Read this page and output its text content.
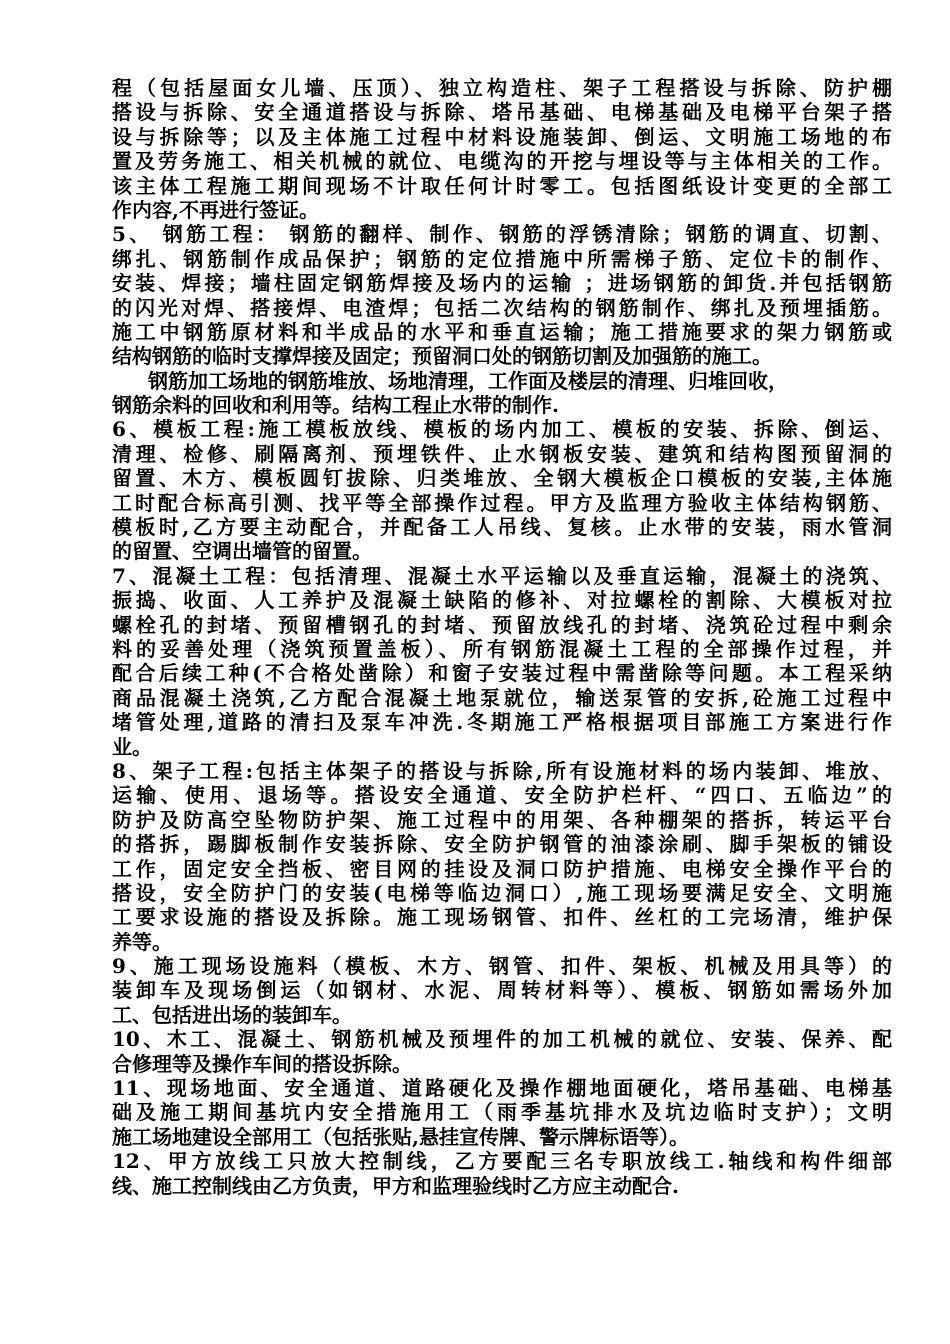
程（包括屋面女儿墙、压顶）、独立构造柱、架子工程搭设与拆除、防护棚
搭设与拆除、安全通道搭设与拆除、塔吊基础、电梯基础及电梯平台架子搭
设与拆除等；以及主体施工过程中材料设施装卸、倒运、文明施工场地的布
置及劳务施工、相关机械的就位、电缆沟的开挖与埋设等与主体相关的工作。
该主体工程施工期间现场不计取任何计时零工。包括图纸设计变更的全部工
作内容,不再进行签证。
5、 钢筋工程： 钢筋的翻样、制作、钢筋的浮锈清除；钢筋的调直、切割、
绑扎、钢筋制作成品保护；钢筋的定位措施中所需梯子筋、定位卡的制作、
安装、焊接；墙柱固定钢筋焊接及场内的运输 ；进场钢筋的卸货.并包括钢筋
的闪光对焊、搭接焊、电渣焊；包括二次结构的钢筋制作、绑扎及预埋插筋。
施工中钢筋原材料和半成品的水平和垂直运输；施工措施要求的架力钢筋或
结构钢筋的临时支撑焊接及固定；预留洞口处的钢筋切割及加强筋的施工。
钢筋加工场地的钢筋堆放、场地清理，工作面及楼层的清理、归堆回收，
钢筋余料的回收和利用等。结构工程止水带的制作.
6、模板工程:施工模板放线、模板的场内加工、模板的安装、拆除、倒运、
清理、检修、刷隔离剂、预埋铁件、止水钢板安装、建筑和结构图预留洞的
留置、木方、模板圆钉拔除、归类堆放、全钢大模板企口模板的安装,主体施
工时配合标高引测、找平等全部操作过程。甲方及监理方验收主体结构钢筋、
模板时,乙方要主动配合，并配备工人吊线、复核。止水带的安装，雨水管洞
的留置、空调出墙管的留置。
7、混凝土工程：包括清理、混凝土水平运输以及垂直运输，混凝土的浇筑、
振捣、收面、人工养护及混凝土缺陷的修补、对拉螺栓的割除、大模板对拉
螺栓孔的封堵、预留槽钢孔的封堵、预留放线孔的封堵、浇筑砼过程中剩余
料的妥善处理（浇筑预置盖板）、所有钢筋混凝土工程的全部操作过程，并
配合后续工种(不合格处凿除）和窗子安装过程中需凿除等问题。本工程采纳
商品混凝土浇筑,乙方配合混凝土地泵就位，输送泵管的安拆,砼施工过程中
堵管处理,道路的清扫及泵车冲洗.冬期施工严格根据项目部施工方案进行作
业。
8、架子工程:包括主体架子的搭设与拆除,所有设施材料的场内装卸、堆放、
运输、使用、退场等。搭设安全通道、安全防护栏杆、“四口、五临边”的
防护及防高空坠物防护架、施工过程中的用架、各种棚架的搭拆，转运平台
的搭拆，踢脚板制作安装拆除、安全防护钢管的油漆涂刷、脚手架板的铺设
工作，固定安全挡板、密目网的挂设及洞口防护措施、电梯安全操作平台的
搭设，安全防护门的安装(电梯等临边洞口）,施工现场要满足安全、文明施
工要求设施的搭设及拆除。施工现场钢管、扣件、丝杠的工完场清，维护保
养等。
9、施工现场设施料（模板、木方、钢管、扣件、架板、机械及用具等）的
装卸车及现场倒运（如钢材、水泥、周转材料等）、模板、钢筋如需场外加
工、包括进出场的装卸车。
10、木工、混凝土、钢筋机械及预埋件的加工机械的就位、安装、保养、配
合修理等及操作车间的搭设拆除。
11、现场地面、安全通道、道路硬化及操作棚地面硬化，塔吊基础、电梯基
础及施工期间基坑内安全措施用工（雨季基坑排水及坑边临时支护）；文明
施工场地建设全部用工（包括张贴,悬挂宣传牌、警示牌标语等）。
12、甲方放线工只放大控制线，乙方要配三名专职放线工.轴线和构件细部
线、施工控制线由乙方负责，甲方和监理验线时乙方应主动配合.
